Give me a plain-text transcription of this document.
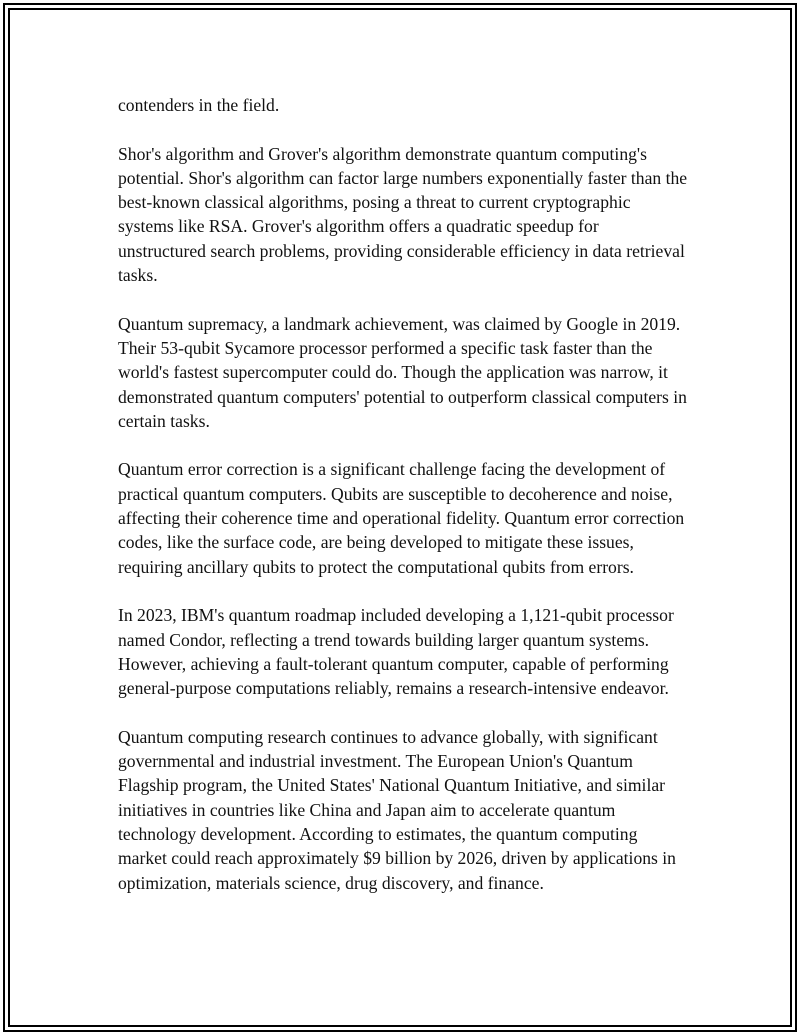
contenders in the field.

Shor's algorithm and Grover's algorithm demonstrate quantum computing's potential. Shor's algorithm can factor large numbers exponentially faster than the best-known classical algorithms, posing a threat to current cryptographic systems like RSA. Grover's algorithm offers a quadratic speedup for unstructured search problems, providing considerable efficiency in data retrieval tasks.

Quantum supremacy, a landmark achievement, was claimed by Google in 2019. Their 53-qubit Sycamore processor performed a specific task faster than the world's fastest supercomputer could do. Though the application was narrow, it demonstrated quantum computers' potential to outperform classical computers in certain tasks.

Quantum error correction is a significant challenge facing the development of practical quantum computers. Qubits are susceptible to decoherence and noise, affecting their coherence time and operational fidelity. Quantum error correction codes, like the surface code, are being developed to mitigate these issues, requiring ancillary qubits to protect the computational qubits from errors.

In 2023, IBM's quantum roadmap included developing a 1,121-qubit processor named Condor, reflecting a trend towards building larger quantum systems. However, achieving a fault-tolerant quantum computer, capable of performing general-purpose computations reliably, remains a research-intensive endeavor.

Quantum computing research continues to advance globally, with significant governmental and industrial investment. The European Union's Quantum Flagship program, the United States' National Quantum Initiative, and similar initiatives in countries like China and Japan aim to accelerate quantum technology development. According to estimates, the quantum computing market could reach approximately $9 billion by 2026, driven by applications in optimization, materials science, drug discovery, and finance.
